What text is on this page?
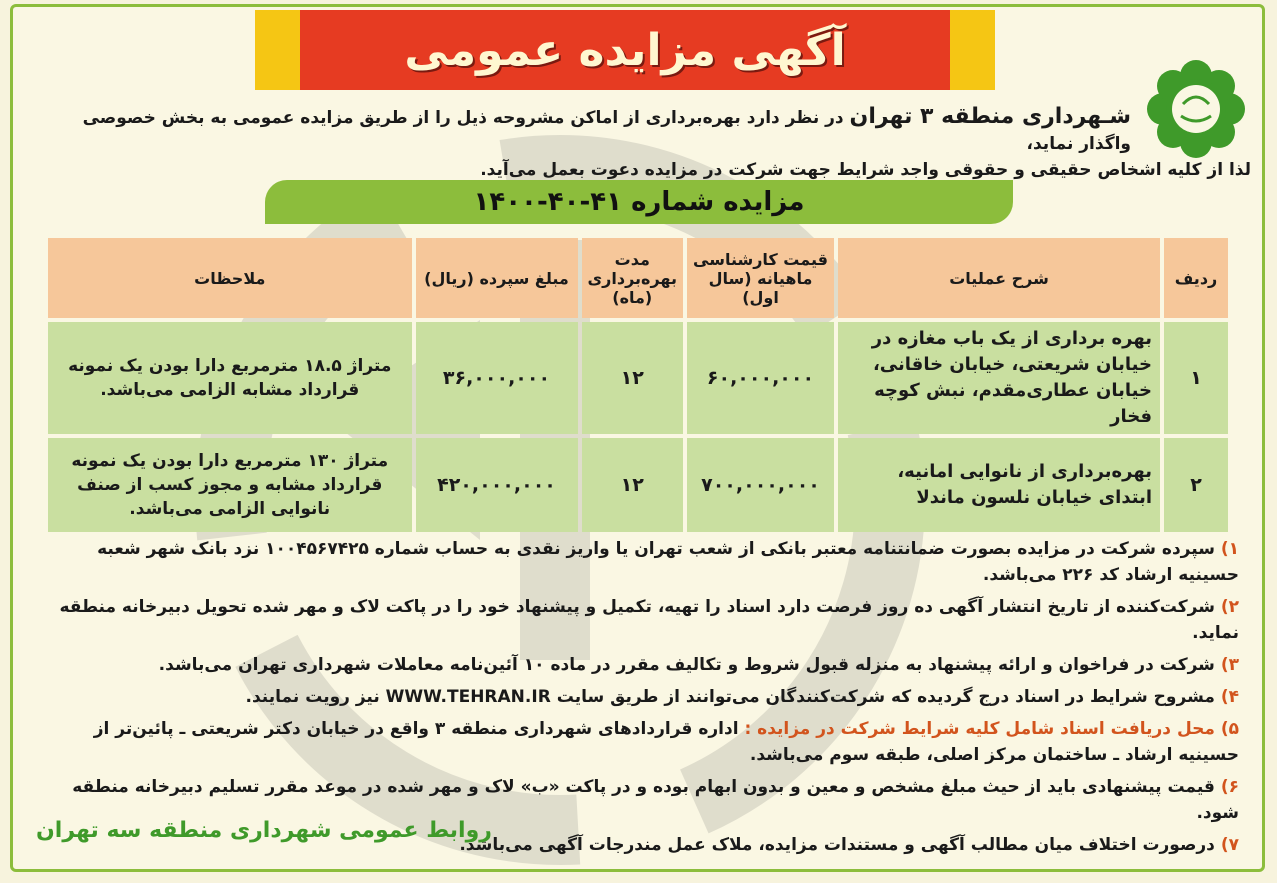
آگهی مزایده عمومی
شـهرداری منطقه ۳ تهران در نظر دارد بهره‌برداری از اماکن مشروحه ذیل را از طریق مزایده عمومی به بخش خصوصی واگذار نماید،
لذا از کلیه اشخاص حقیقی و حقوقی واجد شرایط جهت شرکت در مزایده دعوت بعمل می‌آید.
مزایده شماره ۴۱-۴۰-۱۴۰۰
ردیف	شرح عملیات	قیمت کارشناسی ماهیانه (سال اول)	مدت بهره‌برداری (ماه)	مبلغ سپرده (ریال)	ملاحظات
۱	بهره برداری از یک باب مغازه در خیابان شریعتی، خیابان خاقانی، خیابان عطاری‌مقدم، نبش کوچه فخار	۶۰,۰۰۰,۰۰۰	۱۲	۳۶,۰۰۰,۰۰۰	متراژ ۱۸.۵ مترمربع دارا بودن یک نمونه قرارداد مشابه الزامی می‌باشد.
۲	بهره‌برداری از نانوایی امانیه، ابتدای خیابان نلسون ماندلا	۷۰۰,۰۰۰,۰۰۰	۱۲	۴۲۰,۰۰۰,۰۰۰	متراژ ۱۳۰ مترمربع دارا بودن یک نمونه قرارداد مشابه و مجوز کسب از صنف نانوایی الزامی می‌باشد.
۱) سپرده شرکت در مزایده بصورت ضمانتنامه معتبر بانکی از شعب تهران یا واریز نقدی به حساب شماره ۱۰۰۴۵۶۷۴۲۵ نزد بانک شهر شعبه حسینیه ارشاد کد ۲۲۶ می‌باشد.
۲) شرکت‌کننده از تاریخ انتشار آگهی ده روز فرصت دارد اسناد را تهیه، تکمیل و پیشنهاد خود را در پاکت لاک و مهر شده تحویل دبیرخانه منطقه نماید.
۳) شرکت در فراخوان و ارائه پیشنهاد به منزله قبول شروط و تکالیف مقرر در ماده ۱۰ آئین‌نامه معاملات شهرداری تهران می‌باشد.
۴) مشروح شرایط در اسناد درج گردیده که شرکت‌کنندگان می‌توانند از طریق سایت WWW.TEHRAN.IR نیز رویت نمایند.
۵) محل دریافت اسناد شامل کلیه شرایط شرکت در مزایده : اداره قراردادهای شهرداری منطقه ۳ واقع در خیابان دکتر شریعتی ـ پائین‌تر از حسینیه ارشاد ـ ساختمان مرکز اصلی، طبقه سوم می‌باشد.
۶) قیمت پیشنهادی باید از حیث مبلغ مشخص و معین و بدون ابهام بوده و در پاکت «ب» لاک و مهر شده در موعد مقرر تسلیم دبیرخانه منطقه شود.
۷) درصورت اختلاف میان مطالب آگهی و مستندات مزایده، ملاک عمل مندرجات آگهی می‌باشد.
روابط عمومی شهرداری منطقه سه تهران
